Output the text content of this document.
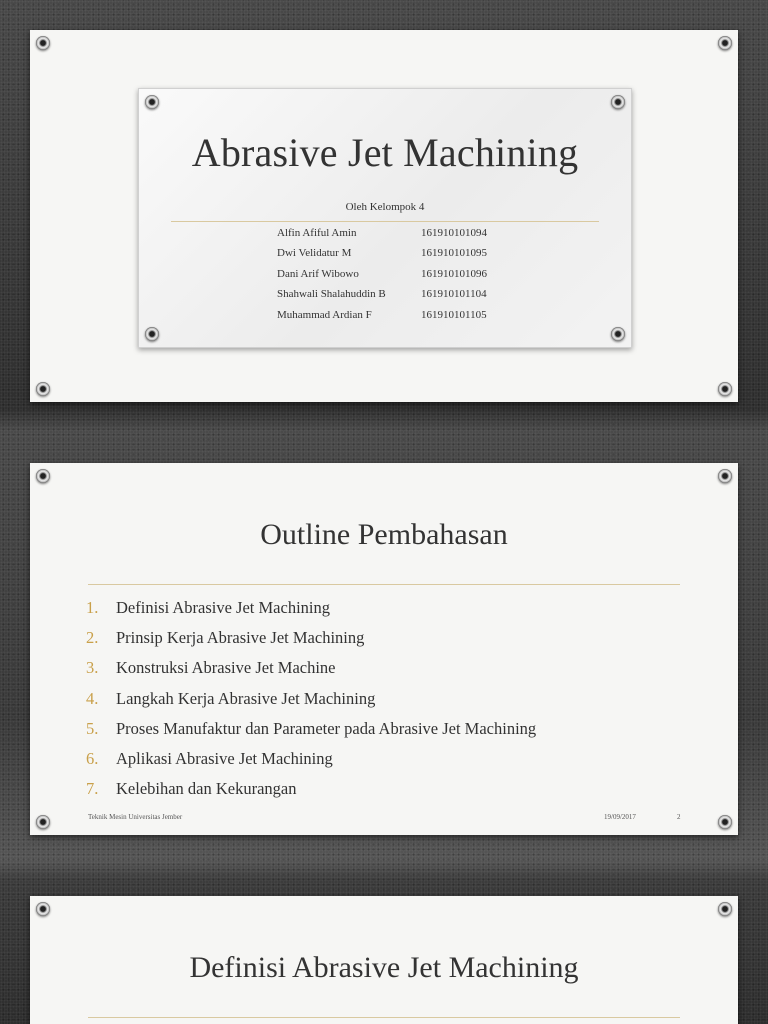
Abrasive Jet Machining
Oleh Kelompok 4
Alfin Afiful Amin	161910101094
Dwi Velidatur M	161910101095
Dani Arif Wibowo	161910101096
Shahwali Shalahuddin B	161910101104
Muhammad Ardian F	161910101105
Outline Pembahasan
1.	Definisi Abrasive Jet Machining
2.	Prinsip Kerja Abrasive Jet Machining
3.	Konstruksi Abrasive Jet Machine
4.	Langkah Kerja Abrasive Jet Machining
5.	Proses Manufaktur dan Parameter pada Abrasive Jet Machining
6.	Aplikasi Abrasive Jet Machining
7.	Kelebihan dan Kekurangan
Teknik Mesin Universitas Jember	19/09/2017	2
Definisi Abrasive Jet Machining
